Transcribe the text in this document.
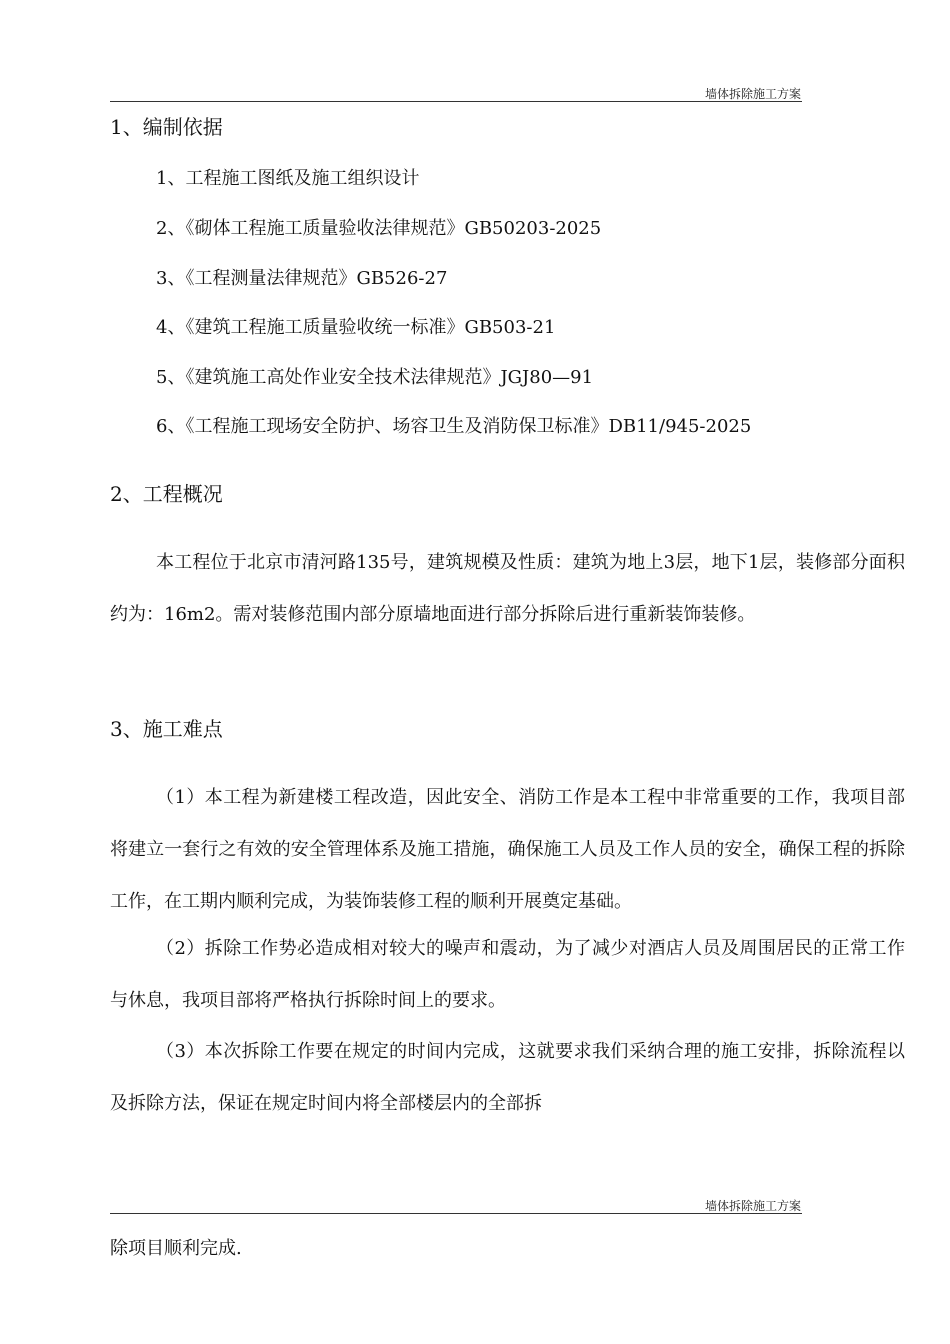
墙体拆除施工方案
1、编制依据
1、工程施工图纸及施工组织设计
2、《砌体工程施工质量验收法律规范》GB50203-2025
3、《工程测量法律规范》GB526-27
4、《建筑工程施工质量验收统一标准》GB503-21
5、《建筑施工高处作业安全技术法律规范》JGJ80—91
6、《工程施工现场安全防护、场容卫生及消防保卫标准》DB11/945-2025
2、工程概况

本工程位于北京市清河路135号，建筑规模及性质：建筑为地上3层，地下1层，装修部分面积约为：16m2。需对装修范围内部分原墙地面进行部分拆除后进行重新装饰装修。

3、施工难点

（1）本工程为新建楼工程改造，因此安全、消防工作是本工程中非常重要的工作，我项目部将建立一套行之有效的安全管理体系及施工措施，确保施工人员及工作人员的安全，确保工程的拆除工作，在工期内顺利完成，为装饰装修工程的顺利开展奠定基础。

（2）拆除工作势必造成相对较大的噪声和震动，为了减少对酒店人员及周围居民的正常工作与休息，我项目部将严格执行拆除时间上的要求。

（3）本次拆除工作要在规定的时间内完成，这就要求我们采纳合理的施工安排，拆除流程以及拆除方法，保证在规定时间内将全部楼层内的全部拆

墙体拆除施工方案
除项目顺利完成.
